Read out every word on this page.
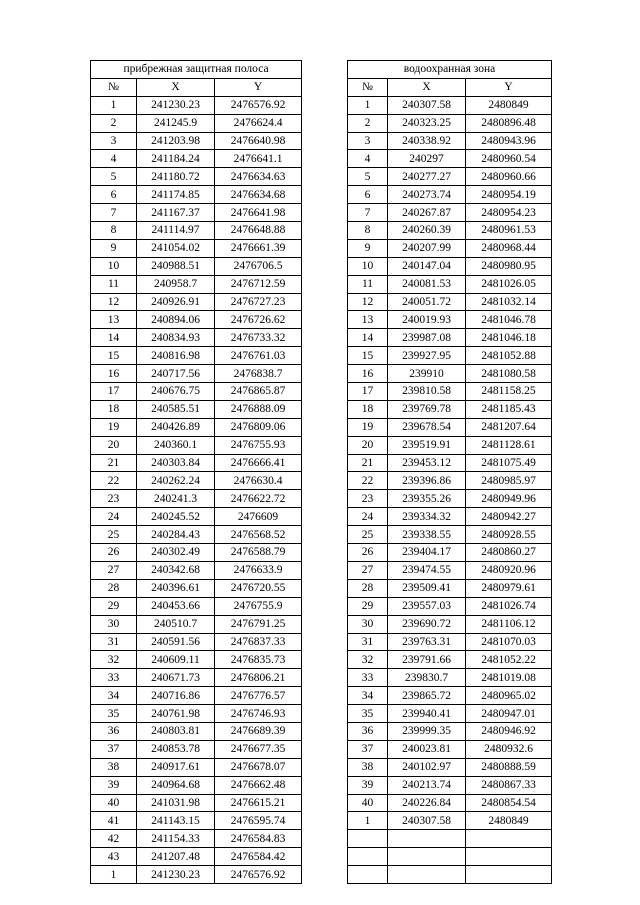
прибрежная защитная полоса		
№	X	Y
1	241230.23	2476576.92
2	241245.9	2476624.4
3	241203.98	2476640.98
4	241184.24	2476641.1
5	241180.72	2476634.63
6	241174.85	2476634.68
7	241167.37	2476641.98
8	241114.97	2476648.88
9	241054.02	2476661.39
10	240988.51	2476706.5
11	240958.7	2476712.59
12	240926.91	2476727.23
13	240894.06	2476726.62
14	240834.93	2476733.32
15	240816.98	2476761.03
16	240717.56	2476838.7
17	240676.75	2476865.87
18	240585.51	2476888.09
19	240426.89	2476809.06
20	240360.1	2476755.93
21	240303.84	2476666.41
22	240262.24	2476630.4
23	240241.3	2476622.72
24	240245.52	2476609
25	240284.43	2476568.52
26	240302.49	2476588.79
27	240342.68	2476633.9
28	240396.61	2476720.55
29	240453.66	2476755.9
30	240510.7	2476791.25
31	240591.56	2476837.33
32	240609.11	2476835.73
33	240671.73	2476806.21
34	240716.86	2476776.57
35	240761.98	2476746.93
36	240803.81	2476689.39
37	240853.78	2476677.35
38	240917.61	2476678.07
39	240964.68	2476662.48
40	241031.98	2476615.21
41	241143.15	2476595.74
42	241154.33	2476584.83
43	241207.48	2476584.42
1	241230.23	2476576.92
водоохранная зона		
№	X	Y
1	240307.58	2480849
2	240323.25	2480896.48
3	240338.92	2480943.96
4	240297	2480960.54
5	240277.27	2480960.66
6	240273.74	2480954.19
7	240267.87	2480954.23
8	240260.39	2480961.53
9	240207.99	2480968.44
10	240147.04	2480980.95
11	240081.53	2481026.05
12	240051.72	2481032.14
13	240019.93	2481046.78
14	239987.08	2481046.18
15	239927.95	2481052.88
16	239910	2481080.58
17	239810.58	2481158.25
18	239769.78	2481185.43
19	239678.54	2481207.64
20	239519.91	2481128.61
21	239453.12	2481075.49
22	239396.86	2480985.97
23	239355.26	2480949.96
24	239334.32	2480942.27
25	239338.55	2480928.55
26	239404.17	2480860.27
27	239474.55	2480920.96
28	239509.41	2480979.61
29	239557.03	2481026.74
30	239690.72	2481106.12
31	239763.31	2481070.03
32	239791.66	2481052.22
33	239830.7	2481019.08
34	239865.72	2480965.02
35	239940.41	2480947.01
36	239999.35	2480946.92
37	240023.81	2480932.6
38	240102.97	2480888.59
39	240213.74	2480867.33
40	240226.84	2480854.54
1	240307.58	2480849
